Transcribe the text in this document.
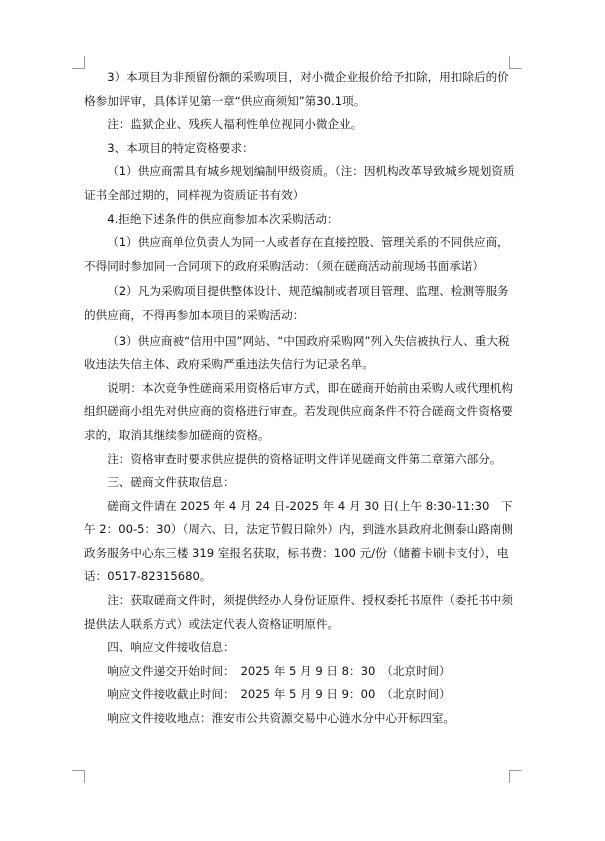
3）本项目为非预留份额的采购项目，对小微企业报价给予扣除，用扣除后的价格参加评审，具体详见第一章“供应商须知”第30.1项。

注：监狱企业、残疾人福利性单位视同小微企业。

3、本项目的特定资格要求：

（1）供应商需具有城乡规划编制甲级资质。（注：因机构改革导致城乡规划资质证书全部过期的，同样视为资质证书有效）

4.拒绝下述条件的供应商参加本次采购活动：

（1）供应商单位负责人为同一人或者存在直接控股、管理关系的不同供应商，不得同时参加同一合同项下的政府采购活动：（须在磋商活动前现场书面承诺）

（2）凡为采购项目提供整体设计、规范编制或者项目管理、监理、检测等服务的供应商，不得再参加本项目的采购活动：

（3）供应商被“信用中国”网站、“中国政府采购网”列入失信被执行人、重大税收违法失信主体、政府采购严重违法失信行为记录名单。

说明：本次竞争性磋商采用资格后审方式，即在磋商开始前由采购人或代理机构组织磋商小组先对供应商的资格进行审查。若发现供应商条件不符合磋商文件资格要求的，取消其继续参加磋商的资格。

注：资格审查时要求供应提供的资格证明文件详见磋商文件第二章第六部分。

三、磋商文件获取信息：

磋商文件请在 2025 年 4 月 24 日-2025 年 4 月 30 日(上午 8:30-11:30　下午 2：00-5：30）（周六、日，法定节假日除外）内，到涟水县政府北侧泰山路南侧政务服务中心东三楼 319 室报名获取，标书费：100 元/份（储蓄卡刷卡支付），电话：0517-82315680。

注：获取磋商文件时，须提供经办人身份证原件、授权委托书原件（委托书中须提供法人联系方式）或法定代表人资格证明原件。

四、响应文件接收信息：

响应文件递交开始时间：　2025 年 5 月 9 日 8：30　（北京时间）

响应文件接收截止时间：　2025 年 5 月 9 日 9：00　（北京时间）

响应文件接收地点：淮安市公共资源交易中心涟水分中心开标四室。
